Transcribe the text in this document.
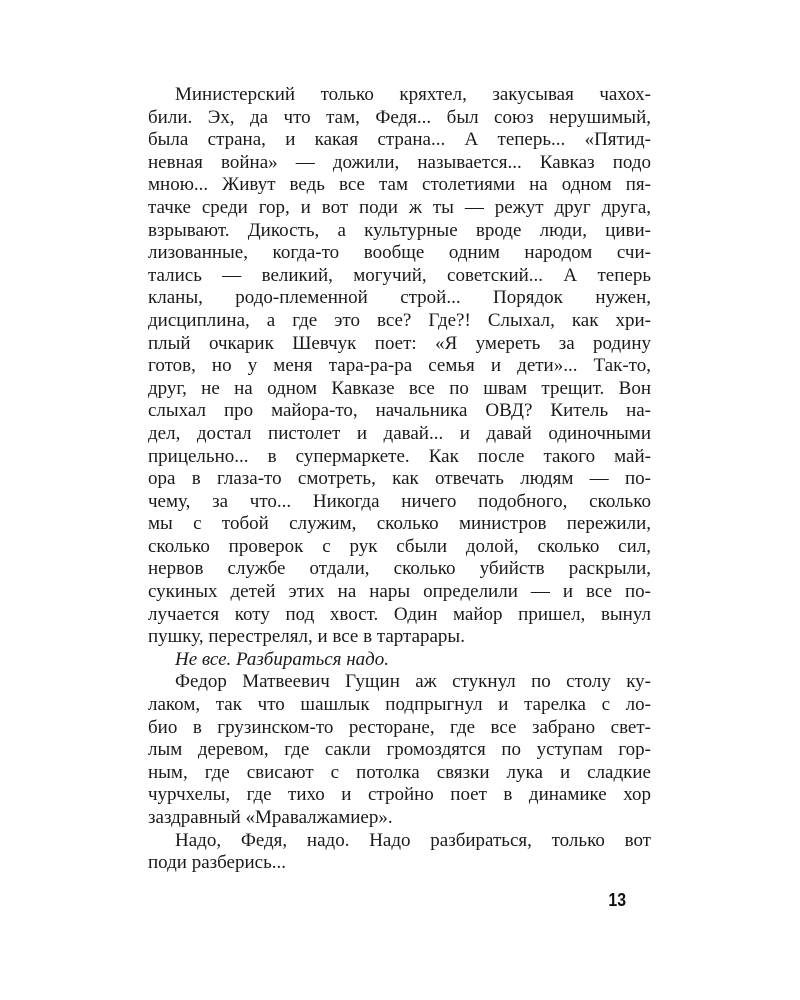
Министерский только кряхтел, закусывая чахох-
били. Эх, да что там, Федя... был союз нерушимый,
была страна, и какая страна... А теперь... «Пятид-
невная война» — дожили, называется... Кавказ подо
мною... Живут ведь все там столетиями на одном пя-
тачке среди гор, и вот поди ж ты — режут друг друга,
взрывают. Дикость, а культурные вроде люди, циви-
лизованные, когда-то вообще одним народом счи-
тались — великий, могучий, советский... А теперь
кланы, родо-племенной строй... Порядок нужен,
дисциплина, а где это все? Где?! Слыхал, как хри-
плый очкарик Шевчук поет: «Я умереть за родину
готов, но у меня тара-ра-ра семья и дети»... Так-то,
друг, не на одном Кавказе все по швам трещит. Вон
слыхал про майора-то, начальника ОВД? Китель на-
дел, достал пистолет и давай... и давай одиночными
прицельно... в супермаркете. Как после такого май-
ора в глаза-то смотреть, как отвечать людям — по-
чему, за что... Никогда ничего подобного, сколько
мы с тобой служим, сколько министров пережили,
сколько проверок с рук сбыли долой, сколько сил,
нервов службе отдали, сколько убийств раскрыли,
сукиных детей этих на нары определили — и все по-
лучается коту под хвост. Один майор пришел, вынул
пушку, перестрелял, и все в тартарары.
Не все. Разбираться надо.
Федор Матвеевич Гущин аж стукнул по столу ку-
лаком, так что шашлык подпрыгнул и тарелка с ло-
био в грузинском-то ресторане, где все забрано свет-
лым деревом, где сакли громоздятся по уступам гор-
ным, где свисают с потолка связки лука и сладкие
чурчхелы, где тихо и стройно поет в динамике хор
заздравный «Мравалжамиер».
Надо, Федя, надо. Надо разбираться, только вот
поди разберись...
13
